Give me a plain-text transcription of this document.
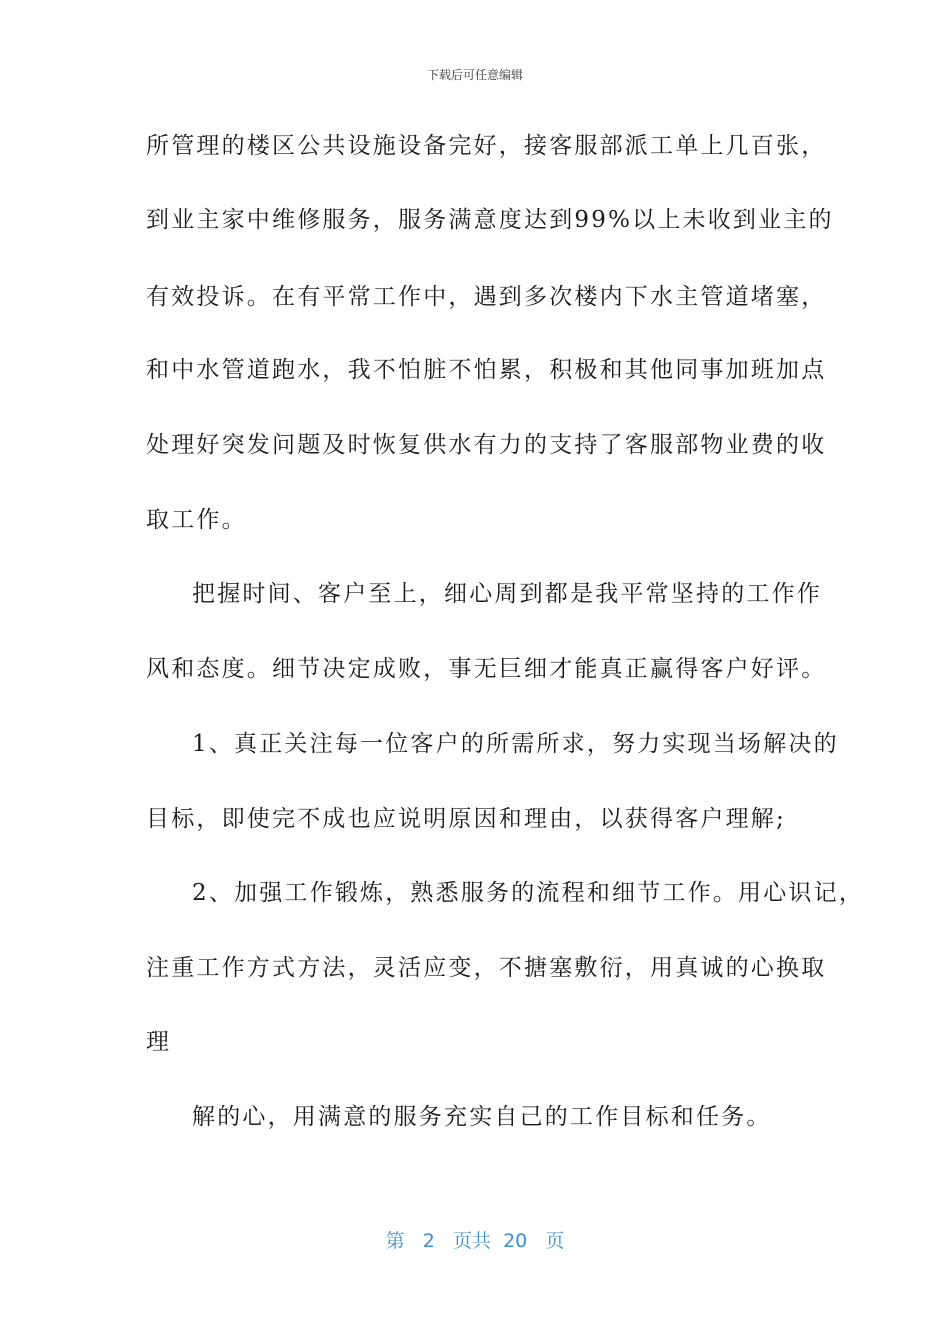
下载后可任意编辑
所管理的楼区公共设施设备完好，接客服部派工单上几百张，
到业主家中维修服务，服务满意度达到99%以上未收到业主的
有效投诉。在有平常工作中，遇到多次楼内下水主管道堵塞，
和中水管道跑水，我不怕脏不怕累，积极和其他同事加班加点
处理好突发问题及时恢复供水有力的支持了客服部物业费的收
取工作。
把握时间、客户至上，细心周到都是我平常坚持的工作作
风和态度。细节决定成败，事无巨细才能真正赢得客户好评。
1、真正关注每一位客户的所需所求，努力实现当场解决的
目标，即使完不成也应说明原因和理由，以获得客户理解;
2、加强工作锻炼，熟悉服务的流程和细节工作。用心识记，
注重工作方式方法，灵活应变，不搪塞敷衍，用真诚的心换取
理
解的心，用满意的服务充实自己的工作目标和任务。
第 2 页共 20 页
